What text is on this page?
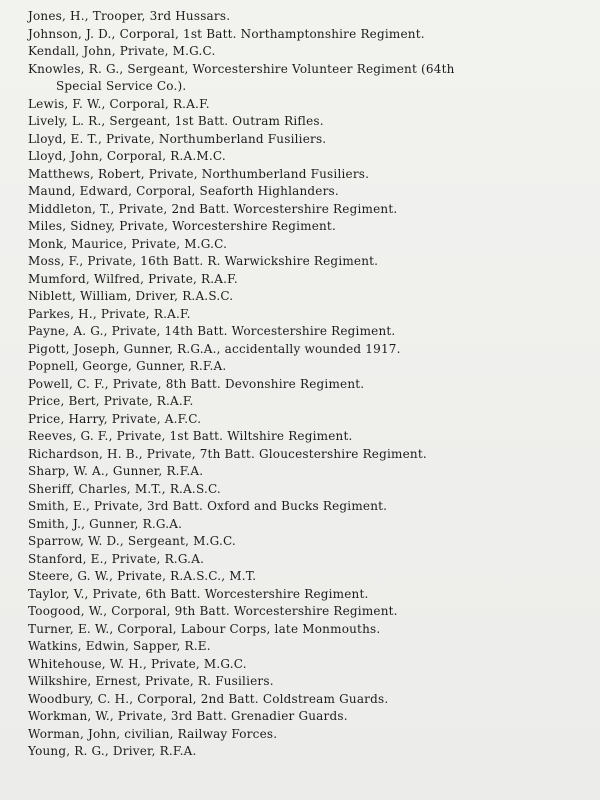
Jones, H., Trooper, 3rd Hussars.
Johnson, J. D., Corporal, 1st Batt. Northamptonshire Regiment.
Kendall, John, Private, M.G.C.
Knowles, R. G., Sergeant, Worcestershire Volunteer Regiment (64th
Special Service Co.).
Lewis, F. W., Corporal, R.A.F.
Lively, L. R., Sergeant, 1st Batt. Outram Rifles.
Lloyd, E. T., Private, Northumberland Fusiliers.
Lloyd, John, Corporal, R.A.M.C.
Matthews, Robert, Private, Northumberland Fusiliers.
Maund, Edward, Corporal, Seaforth Highlanders.
Middleton, T., Private, 2nd Batt. Worcestershire Regiment.
Miles, Sidney, Private, Worcestershire Regiment.
Monk, Maurice, Private, M.G.C.
Moss, F., Private, 16th Batt. R. Warwickshire Regiment.
Mumford, Wilfred, Private, R.A.F.
Niblett, William, Driver, R.A.S.C.
Parkes, H., Private, R.A.F.
Payne, A. G., Private, 14th Batt. Worcestershire Regiment.
Pigott, Joseph, Gunner, R.G.A., accidentally wounded 1917.
Popnell, George, Gunner, R.F.A.
Powell, C. F., Private, 8th Batt. Devonshire Regiment.
Price, Bert, Private, R.A.F.
Price, Harry, Private, A.F.C.
Reeves, G. F., Private, 1st Batt. Wiltshire Regiment.
Richardson, H. B., Private, 7th Batt. Gloucestershire Regiment.
Sharp, W. A., Gunner, R.F.A.
Sheriff, Charles, M.T., R.A.S.C.
Smith, E., Private, 3rd Batt. Oxford and Bucks Regiment.
Smith, J., Gunner, R.G.A.
Sparrow, W. D., Sergeant, M.G.C.
Stanford, E., Private, R.G.A.
Steere, G. W., Private, R.A.S.C., M.T.
Taylor, V., Private, 6th Batt. Worcestershire Regiment.
Toogood, W., Corporal, 9th Batt. Worcestershire Regiment.
Turner, E. W., Corporal, Labour Corps, late Monmouths.
Watkins, Edwin, Sapper, R.E.
Whitehouse, W. H., Private, M.G.C.
Wilkshire, Ernest, Private, R. Fusiliers.
Woodbury, C. H., Corporal, 2nd Batt. Coldstream Guards.
Workman, W., Private, 3rd Batt. Grenadier Guards.
Worman, John, civilian, Railway Forces.
Young, R. G., Driver, R.F.A.
